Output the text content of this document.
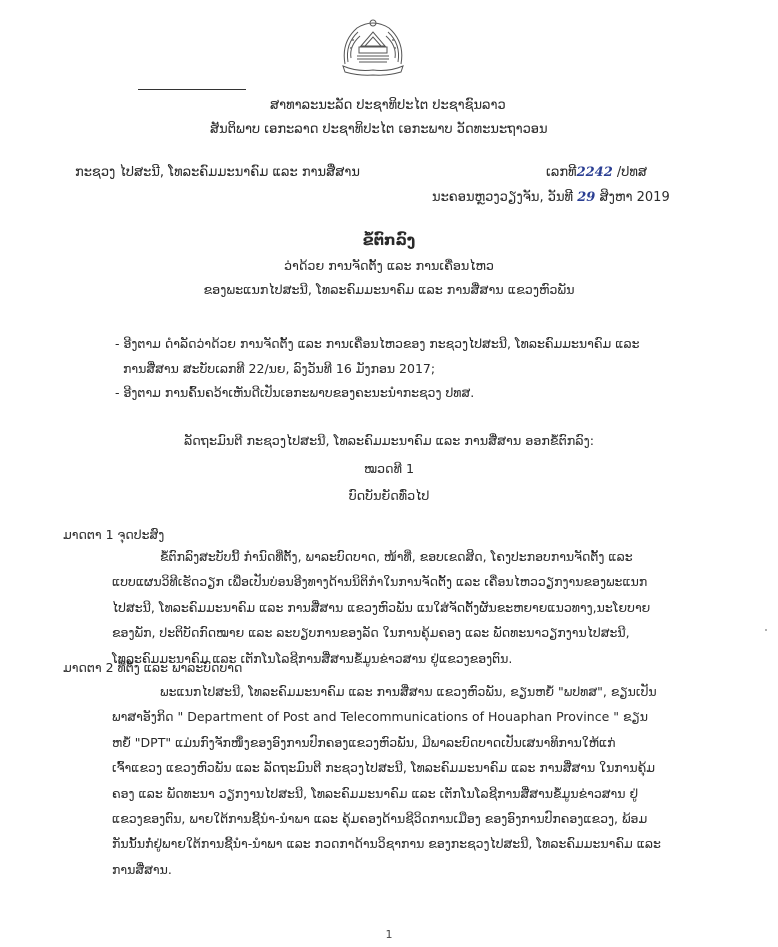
ສາທາລະນະລັດ ປະຊາທິປະໄຕ ປະຊາຊົນລາວ
ສັນຕິພາບ ເອກະລາດ ປະຊາທິປະໄຕ ເອກະພາບ ວັດທະນະຖາວອນ
ກະຊວງ ໄປສະນີ, ໂທລະຄົມມະນາຄົມ ແລະ ການສື່ສານ	ເລກທີ2242 /ປທສ
ນະຄອນຫຼວງວຽງຈັນ, ວັນທີ 29 ສິງຫາ 2019
ຂໍ້ຕົກລົງ
ວ່າດ້ວຍ ການຈັດຕັ້ງ ແລະ ການເຄື່ອນໄຫວ
ຂອງພະແນກໄປສະນີ, ໂທລະຄົມມະນາຄົມ ແລະ ການສື່ສານ ແຂວງຫົວພັນ
- ອີງຕາມ ດຳລັດວ່າດ້ວຍ ການຈັດຕັ້ງ ແລະ ການເຄື່ອນໄຫວຂອງ ກະຊວງໄປສະນີ, ໂທລະຄົມມະນາຄົມ ແລະ
ການສື່ສານ ສະບັບເລກທີ 22/ນຍ, ລົງວັນທີ 16 ມັງກອນ 2017;
- ອີງຕາມ ການຄົ້ນຄວ້າເຫັນດີເປັນເອກະພາບຂອງຄະນະນຳກະຊວງ ປທສ.
ລັດຖະມົນຕີ ກະຊວງໄປສະນີ, ໂທລະຄົມມະນາຄົມ ແລະ ການສື່ສານ ອອກຂໍ້ຕົກລົງ:
ໝວດທີ 1
ບົດບັນຍັດທົ່ວໄປ
ມາດຕາ 1 ຈຸດປະສົງ
ຂໍ້ຕົກລົງສະບັບນີ້ ກຳນົດທີ່ຕັ້ງ, ພາລະບົດບາດ, ໜ້າທີ່, ຂອບເຂດສິດ, ໂຄງປະກອບການຈັດຕັ້ງ ແລະ
ແບບແຜນວິທີເຮັດວຽກ ເພື່ອເປັນບ່ອນອີງທາງດ້ານນິຕິກຳໃນການຈັດຕັ້ງ ແລະ ເຄື່ອນໄຫວວຽກງານຂອງພະແນກ
ໄປສະນີ, ໂທລະຄົມມະນາຄົມ ແລະ ການສື່ສານ ແຂວງຫົວພັນ ແນໃສ່ຈັດຕັ້ງຜັນຂະຫຍາຍແນວທາງ,ນະໂຍບາຍ
ຂອງພັກ, ປະຕິບັດກົດໝາຍ ແລະ ລະບຽບການຂອງລັດ ໃນການຄຸ້ມຄອງ ແລະ ພັດທະນາວຽກງານໄປສະນີ,
ໂທລະຄົມມະນາຄົມ ແລະ ເຕັກໂນໂລຊີການສື່ສານຂໍ້ມູນຂ່າວສານ ຢູ່ແຂວງຂອງຕົນ.
ມາດຕາ 2 ທີ່ຕັ້ງ ແລະ ພາລະບົດບາດ
ພະແນກໄປສະນີ, ໂທລະຄົມມະນາຄົມ ແລະ ການສື່ສານ ແຂວງຫົວພັນ, ຂຽນຫຍໍ້ "ພປທສ", ຂຽນເປັນ
ພາສາອັງກິດ " Department of Post and Telecommunications of Houaphan Province " ຂຽນ
ຫຍໍ້ "DPT" ແມ່ນກົງຈັກໜຶ່ງຂອງອົງການປົກຄອງແຂວງຫົວພັນ, ມີພາລະບົດບາດເປັນເສນາທິການໃຫ້ແກ່
ເຈົ້າແຂວງ ແຂວງຫົວພັນ ແລະ ລັດຖະມົນຕີ ກະຊວງໄປສະນີ, ໂທລະຄົມມະນາຄົມ ແລະ ການສື່ສານ ໃນການຄຸ້ມ
ຄອງ ແລະ ພັດທະນາ ວຽກງານໄປສະນີ, ໂທລະຄົມມະນາຄົມ ແລະ ເຕັກໂນໂລຊີການສື່ສານຂໍ້ມູນຂ່າວສານ ຢູ່
ແຂວງຂອງຕົນ, ພາຍໃຕ້ການຊີ້ນຳ-ນຳພາ ແລະ ຄຸ້ມຄອງດ້ານຊີວິດການເມືອງ ຂອງອົງການປົກຄອງແຂວງ, ພ້ອມ
ກັນນັ້ນກໍ່ຢູ່ພາຍໃຕ້ການຊີ້ນຳ-ນຳພາ ແລະ ກວດກາດ້ານວິຊາການ ຂອງກະຊວງໄປສະນີ, ໂທລະຄົມມະນາຄົມ ແລະ
ການສື່ສານ.
1
